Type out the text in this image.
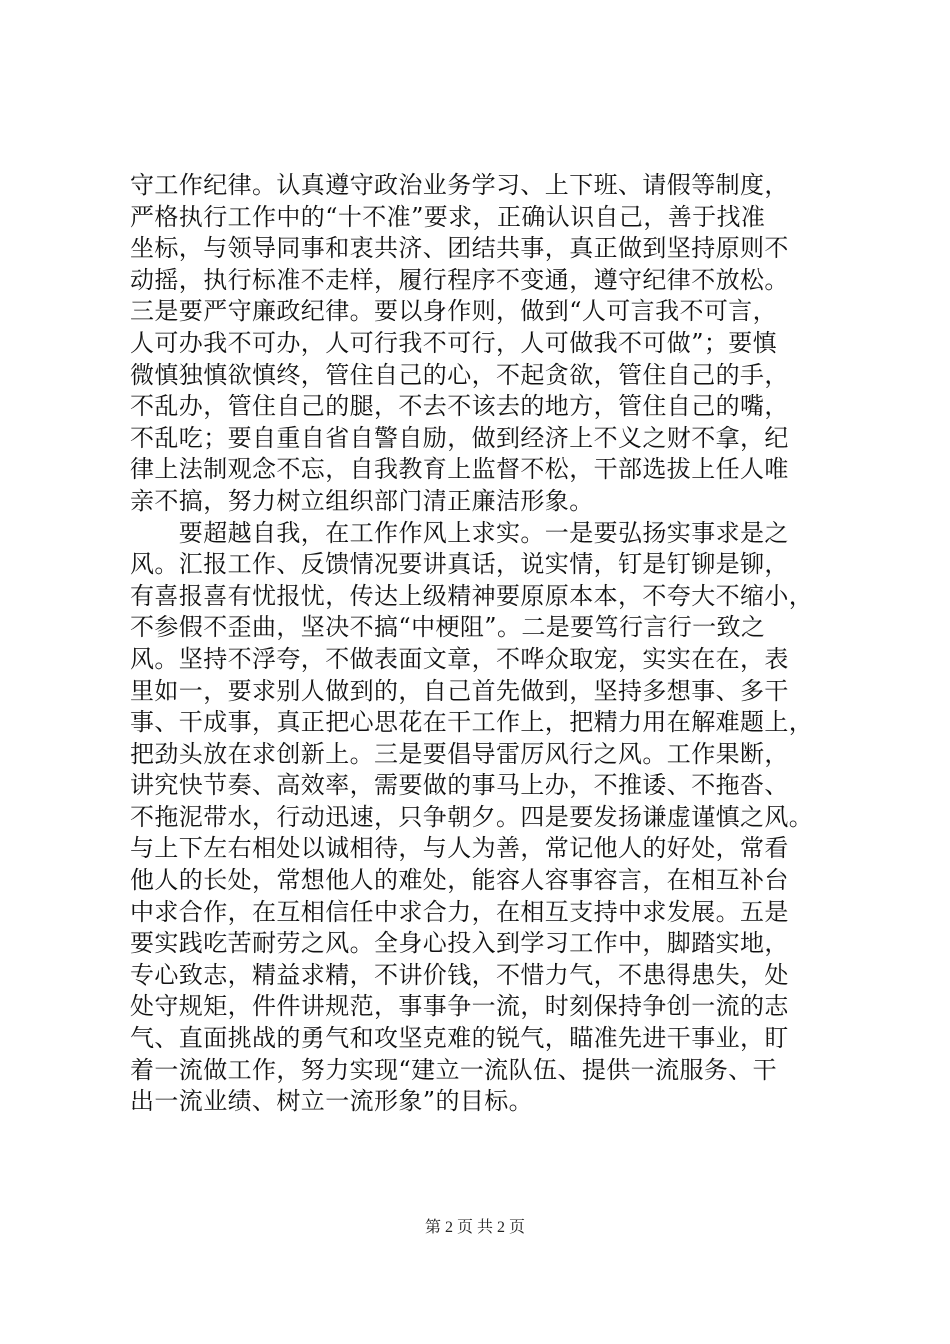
守工作纪律。认真遵守政治业务学习、上下班、请假等制度，
严格执行工作中的“十不准”要求，正确认识自己，善于找准
坐标，与领导同事和衷共济、团结共事，真正做到坚持原则不
动摇，执行标准不走样，履行程序不变通，遵守纪律不放松。
三是要严守廉政纪律。要以身作则，做到“人可言我不可言，
人可办我不可办，人可行我不可行，人可做我不可做”；要慎
微慎独慎欲慎终，管住自己的心，不起贪欲，管住自己的手，
不乱办，管住自己的腿，不去不该去的地方，管住自己的嘴，
不乱吃；要自重自省自警自励，做到经济上不义之财不拿，纪
律上法制观念不忘，自我教育上监督不松，干部选拔上任人唯
亲不搞，努力树立组织部门清正廉洁形象。
　　要超越自我，在工作作风上求实。一是要弘扬实事求是之
风。汇报工作、反馈情况要讲真话，说实情，钉是钉铆是铆，
有喜报喜有忧报忧，传达上级精神要原原本本，不夸大不缩小，
不参假不歪曲，坚决不搞“中梗阻”。二是要笃行言行一致之
风。坚持不浮夸，不做表面文章，不哗众取宠，实实在在，表
里如一，要求别人做到的，自己首先做到，坚持多想事、多干
事、干成事，真正把心思花在干工作上，把精力用在解难题上，
把劲头放在求创新上。三是要倡导雷厉风行之风。工作果断，
讲究快节奏、高效率，需要做的事马上办，不推诿、不拖沓、
不拖泥带水，行动迅速，只争朝夕。四是要发扬谦虚谨慎之风。
与上下左右相处以诚相待，与人为善，常记他人的好处，常看
他人的长处，常想他人的难处，能容人容事容言，在相互补台
中求合作，在互相信任中求合力，在相互支持中求发展。五是
要实践吃苦耐劳之风。全身心投入到学习工作中，脚踏实地，
专心致志，精益求精，不讲价钱，不惜力气，不患得患失，处
处守规矩，件件讲规范，事事争一流，时刻保持争创一流的志
气、直面挑战的勇气和攻坚克难的锐气，瞄准先进干事业，盯
着一流做工作，努力实现“建立一流队伍、提供一流服务、干
出一流业绩、树立一流形象”的目标。
第 2 页 共 2 页
